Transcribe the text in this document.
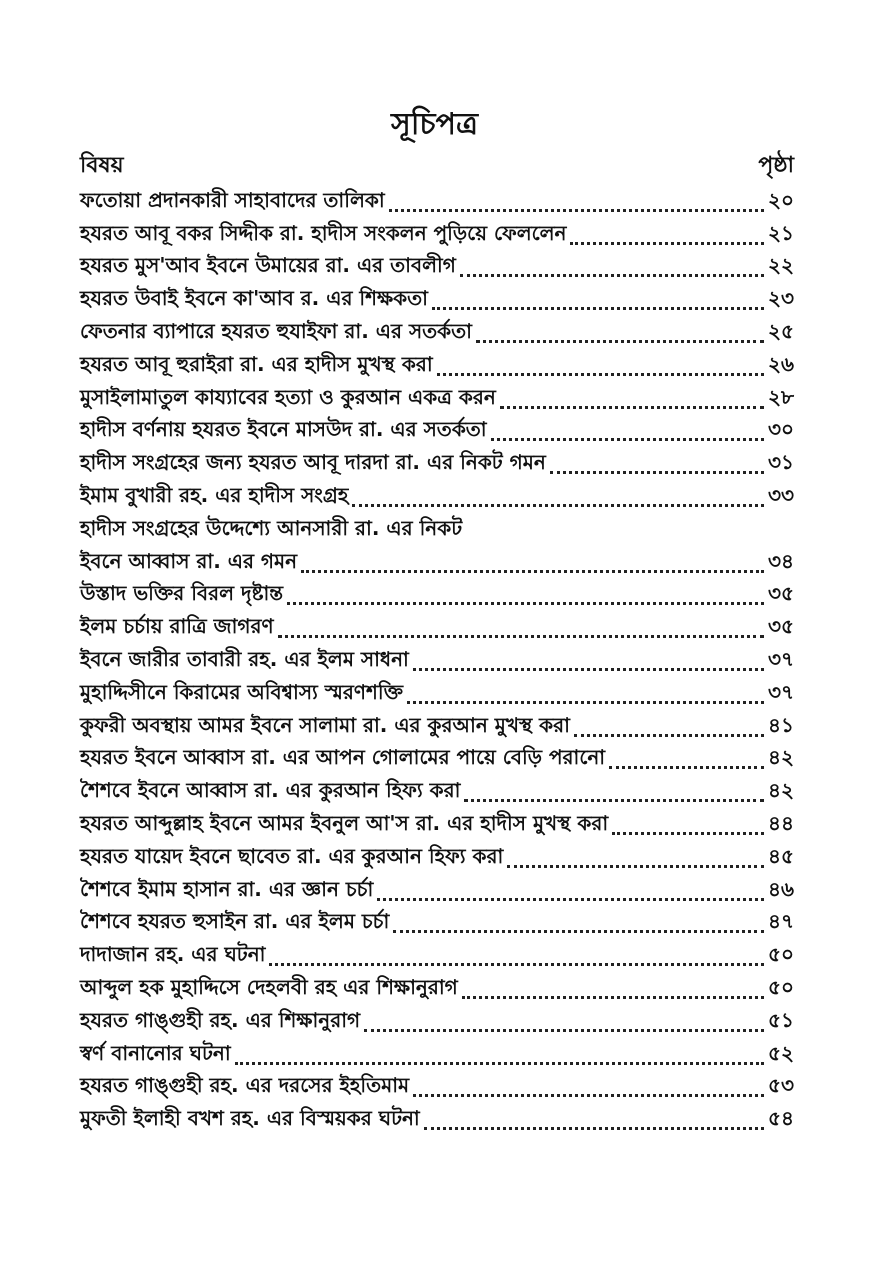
সূচিপত্র
বিষয়	পৃষ্ঠা
ফতোয়া প্রদানকারী সাহাবাদের তালিকা	২০
হযরত আবূ বকর সিদ্দীক রা. হাদীস সংকলন পুড়িয়ে ফেললেন	২১
হযরত মুস'আব ইবনে উমায়ের রা. এর তাবলীগ	২২
হযরত উবাই ইবনে কা'আব র. এর শিক্ষকতা	২৩
ফেতনার ব্যাপারে হযরত হুযাইফা রা. এর সতর্কতা	২৫
হযরত আবূ হুরাইরা রা. এর হাদীস মুখস্থ করা	২৬
মুসাইলামাতুল কায্যাবের হত্যা ও কুরআন একত্র করন	২৮
হাদীস বর্ণনায় হযরত ইবনে মাসউদ রা. এর সতর্কতা	৩০
হাদীস সংগ্রহের জন্য হযরত আবূ দারদা রা. এর নিকট গমন	৩১
ইমাম বুখারী রহ. এর হাদীস সংগ্রহ	৩৩
হাদীস সংগ্রহের উদ্দেশ্যে আনসারী রা. এর নিকট
ইবনে আব্বাস রা. এর গমন	৩৪
উস্তাদ ভক্তির বিরল দৃষ্টান্ত	৩৫
ইলম চর্চায় রাত্রি জাগরণ	৩৫
ইবনে জারীর তাবারী রহ. এর ইলম সাধনা	৩৭
মুহাদ্দিসীনে কিরামের অবিশ্বাস্য স্মরণশক্তি	৩৭
কুফরী অবস্থায় আমর ইবনে সালামা রা. এর কুরআন মুখস্থ করা	৪১
হযরত ইবনে আব্বাস রা. এর আপন গোলামের পায়ে বেড়ি পরানো	৪২
শৈশবে ইবনে আব্বাস রা. এর কুরআন হিফ্য করা	৪২
হযরত আব্দুল্লাহ ইবনে আমর ইবনুল আ'স রা. এর হাদীস মুখস্থ করা	৪৪
হযরত যায়েদ ইবনে ছাবেত রা. এর কুরআন হিফ্য করা	৪৫
শৈশবে ইমাম হাসান রা. এর জ্ঞান চর্চা	৪৬
শৈশবে হযরত হুসাইন রা. এর ইলম চর্চা	৪৭
দাদাজান রহ. এর ঘটনা	৫০
আব্দুল হক মুহাদ্দিসে দেহলবী রহ এর শিক্ষানুরাগ	৫০
হযরত গাঙ্গুহী রহ. এর শিক্ষানুরাগ	৫১
স্বর্ণ বানানোর ঘটনা	৫২
হযরত গাঙ্গুহী রহ. এর দরসের ইহতিমাম	৫৩
মুফতী ইলাহী বখশ রহ. এর বিস্ময়কর ঘটনা	৫৪
